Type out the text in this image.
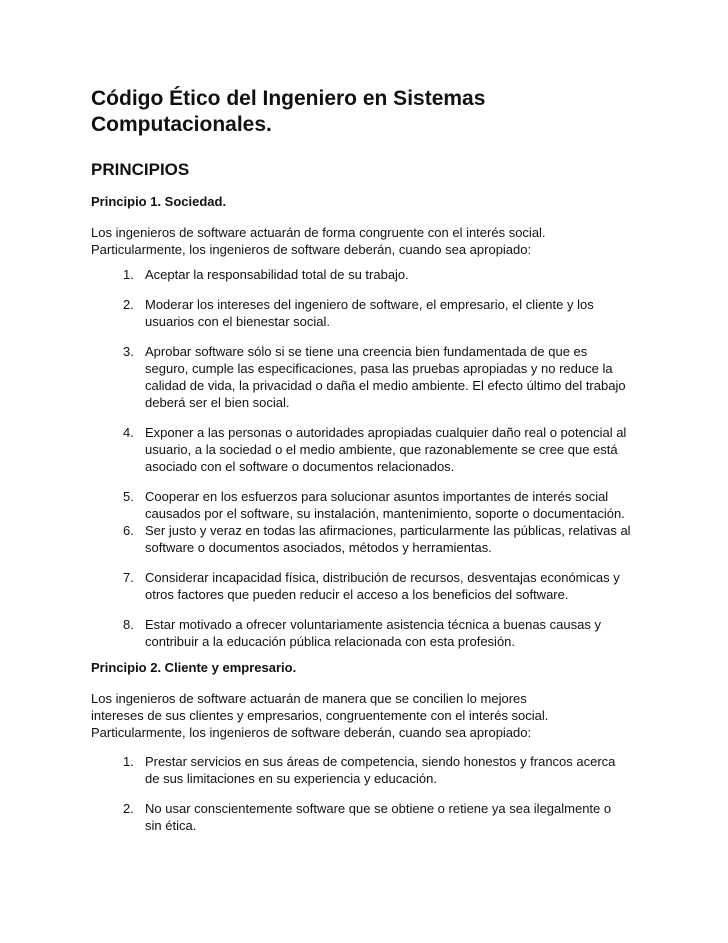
Código Ético del Ingeniero en Sistemas Computacionales.
PRINCIPIOS
Principio 1. Sociedad.

Los ingenieros de software actuarán de forma congruente con el interés social.
Particularmente, los ingenieros de software deberán, cuando sea apropiado:

1. Aceptar la responsabilidad total de su trabajo.
2. Moderar los intereses del ingeniero de software, el empresario, el cliente y los usuarios con el bienestar social.
3. Aprobar software sólo si se tiene una creencia bien fundamentada de que es seguro, cumple las especificaciones, pasa las pruebas apropiadas y no reduce la calidad de vida, la privacidad o daña el medio ambiente. El efecto último del trabajo deberá ser el bien social.
4. Exponer a las personas o autoridades apropiadas cualquier daño real o potencial al usuario, a la sociedad o el medio ambiente, que razonablemente se cree que está asociado con el software o documentos relacionados.
5. Cooperar en los esfuerzos para solucionar asuntos importantes de interés social causados por el software, su instalación, mantenimiento, soporte o documentación.
6. Ser justo y veraz en todas las afirmaciones, particularmente las públicas, relativas al software o documentos asociados, métodos y herramientas.
7. Considerar incapacidad física, distribución de recursos, desventajas económicas y otros factores que pueden reducir el acceso a los beneficios del software.
8. Estar motivado a ofrecer voluntariamente asistencia técnica a buenas causas y contribuir a la educación pública relacionada con esta profesión.
Principio 2. Cliente y empresario.

Los ingenieros de software actuarán de manera que se concilien lo mejores
intereses de sus clientes y empresarios, congruentemente con el interés social.
Particularmente, los ingenieros de software deberán, cuando sea apropiado:

1. Prestar servicios en sus áreas de competencia, siendo honestos y francos acerca de sus limitaciones en su experiencia y educación.
2. No usar conscientemente software que se obtiene o retiene ya sea ilegalmente o sin ética.
